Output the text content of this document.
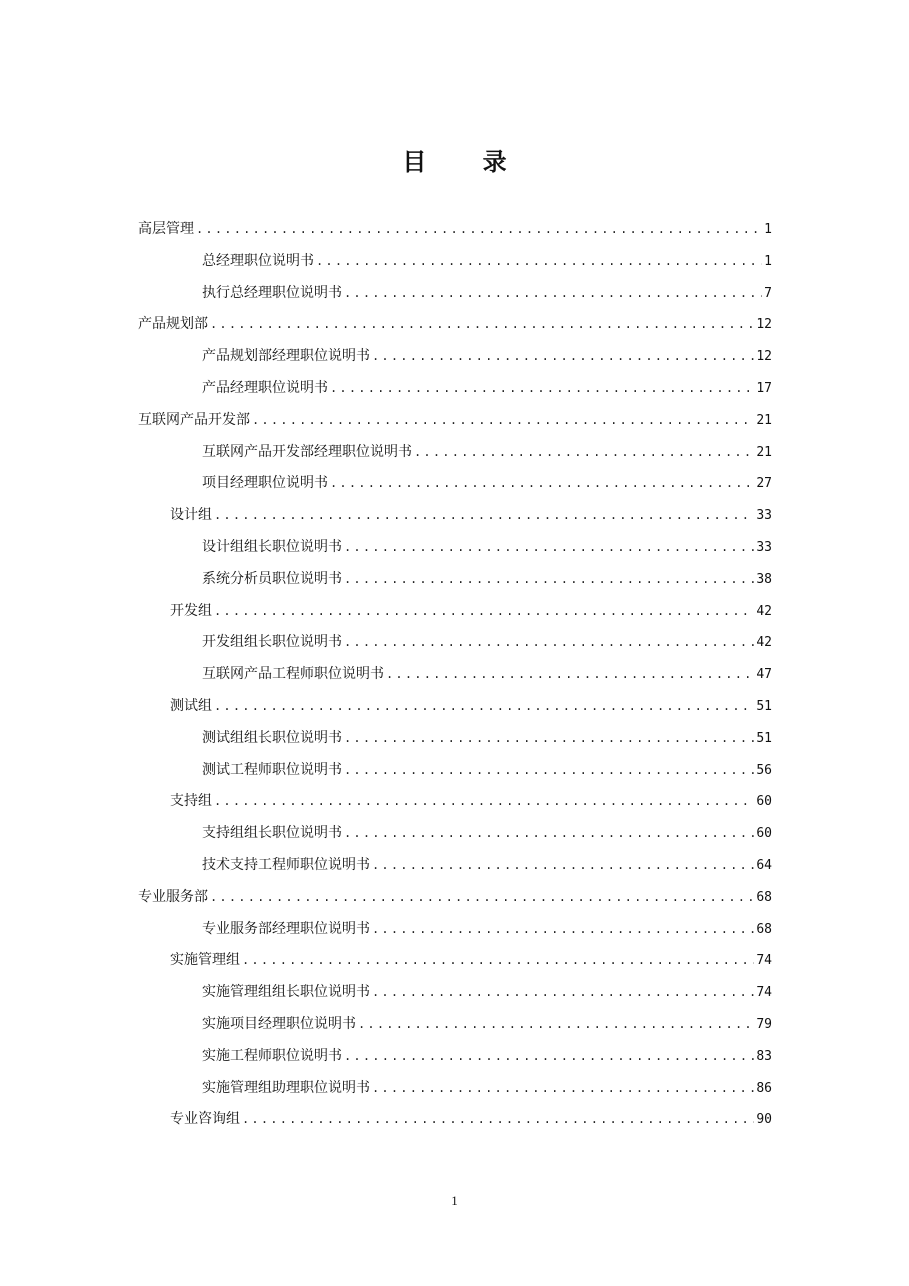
目 录
高层管理 .....	1
总经理职位说明书 .....	1
执行总经理职位说明书 .....	7
产品规划部 .....	12
产品规划部经理职位说明书 .....	12
产品经理职位说明书 .....	17
互联网产品开发部 .....	21
互联网产品开发部经理职位说明书 .....	21
项目经理职位说明书 .....	27
设计组 .....	33
设计组组长职位说明书 .....	33
系统分析员职位说明书 .....	38
开发组 .....	42
开发组组长职位说明书 .....	42
互联网产品工程师职位说明书 .....	47
测试组 .....	51
测试组组长职位说明书 .....	51
测试工程师职位说明书 .....	56
支持组 .....	60
支持组组长职位说明书 .....	60
技术支持工程师职位说明书 .....	64
专业服务部 .....	68
专业服务部经理职位说明书 .....	68
实施管理组 .....	74
实施管理组组长职位说明书 .....	74
实施项目经理职位说明书 .....	79
实施工程师职位说明书 .....	83
实施管理组助理职位说明书 .....	86
专业咨询组 .....	90
1
